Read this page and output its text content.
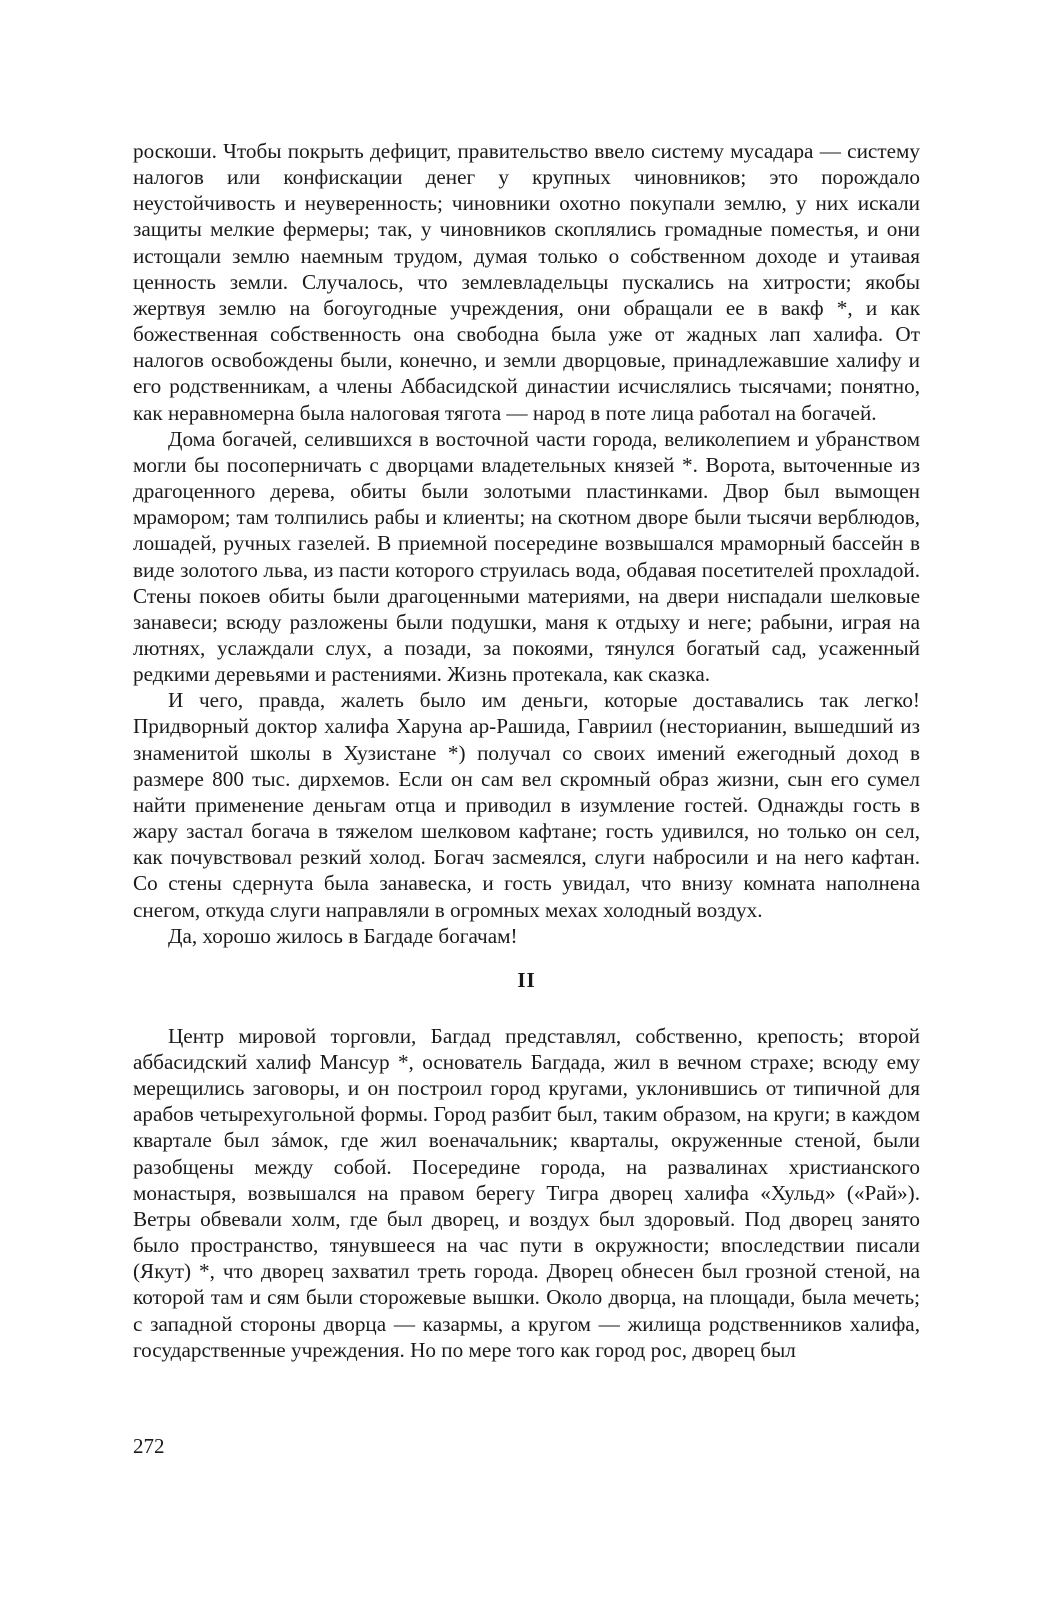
роскоши. Чтобы покрыть дефицит, правительство ввело систему мусадара — систему налогов или конфискации денег у крупных чиновников; это порождало неустойчивость и неуверенность; чиновники охотно покупали землю, у них искали защиты мелкие фермеры; так, у чиновников скоплялись громадные поместья, и они истощали землю наемным трудом, думая только о собственном доходе и утаивая ценность земли. Случалось, что землевладельцы пускались на хитрости; якобы жертвуя землю на богоугодные учреждения, они обращали ее в вакф *, и как божественная собственность она свободна была уже от жадных лап халифа. От налогов освобождены были, конечно, и земли дворцовые, принадлежавшие халифу и его родственникам, а члены Аббасидской династии исчислялись тысячами; понятно, как неравномерна была налоговая тягота — народ в поте лица работал на богачей.

Дома богачей, селившихся в восточной части города, великолепием и убранством могли бы посоперничать с дворцами владетельных князей *. Ворота, выточенные из драгоценного дерева, обиты были золотыми пластинками. Двор был вымощен мрамором; там толпились рабы и клиенты; на скотном дворе были тысячи верблюдов, лошадей, ручных газелей. В приемной посередине возвышался мраморный бассейн в виде золотого льва, из пасти которого струилась вода, обдавая посетителей прохладой. Стены покоев обиты были драгоценными материями, на двери ниспадали шелковые занавеси; всюду разложены были подушки, маня к отдыху и неге; рабыни, играя на лютнях, услаждали слух, а позади, за покоями, тянулся богатый сад, усаженный редкими деревьями и растениями. Жизнь протекала, как сказка.

И чего, правда, жалеть было им деньги, которые доставались так легко! Придворный доктор халифа Харуна ар-Рашида, Гавриил (несторианин, вышедший из знаменитой школы в Хузистане *) получал со своих имений ежегодный доход в размере 800 тыс. дирхемов. Если он сам вел скромный образ жизни, сын его сумел найти применение деньгам отца и приводил в изумление гостей. Однажды гость в жару застал богача в тяжелом шелковом кафтане; гость удивился, но только он сел, как почувствовал резкий холод. Богач засмеялся, слуги набросили и на него кафтан. Со стены сдернута была занавеска, и гость увидал, что внизу комната наполнена снегом, откуда слуги направляли в огромных мехах холодный воздух.

Да, хорошо жилось в Багдаде богачам!

II

Центр мировой торговли, Багдад представлял, собственно, крепость; второй аббасидский халиф Мансур *, основатель Багдада, жил в вечном страхе; всюду ему мерещились заговоры, и он построил город кругами, уклонившись от типичной для арабов четырехугольной формы. Город разбит был, таким образом, на круги; в каждом квартале был зáмок, где жил военачальник; кварталы, окруженные стеной, были разобщены между собой. Посередине города, на развалинах христианского монастыря, возвышался на правом берегу Тигра дворец халифа «Хульд» («Рай»). Ветры обвевали холм, где был дворец, и воздух был здоровый. Под дворец занято было пространство, тянувшееся на час пути в окружности; впоследствии писали (Якут) *, что дворец захватил треть города. Дворец обнесен был грозной стеной, на которой там и сям были сторожевые вышки. Около дворца, на площади, была мечеть; с западной стороны дворца — казармы, а кругом — жилища родственников халифа, государственные учреждения. Но по мере того как город рос, дворец был

272
